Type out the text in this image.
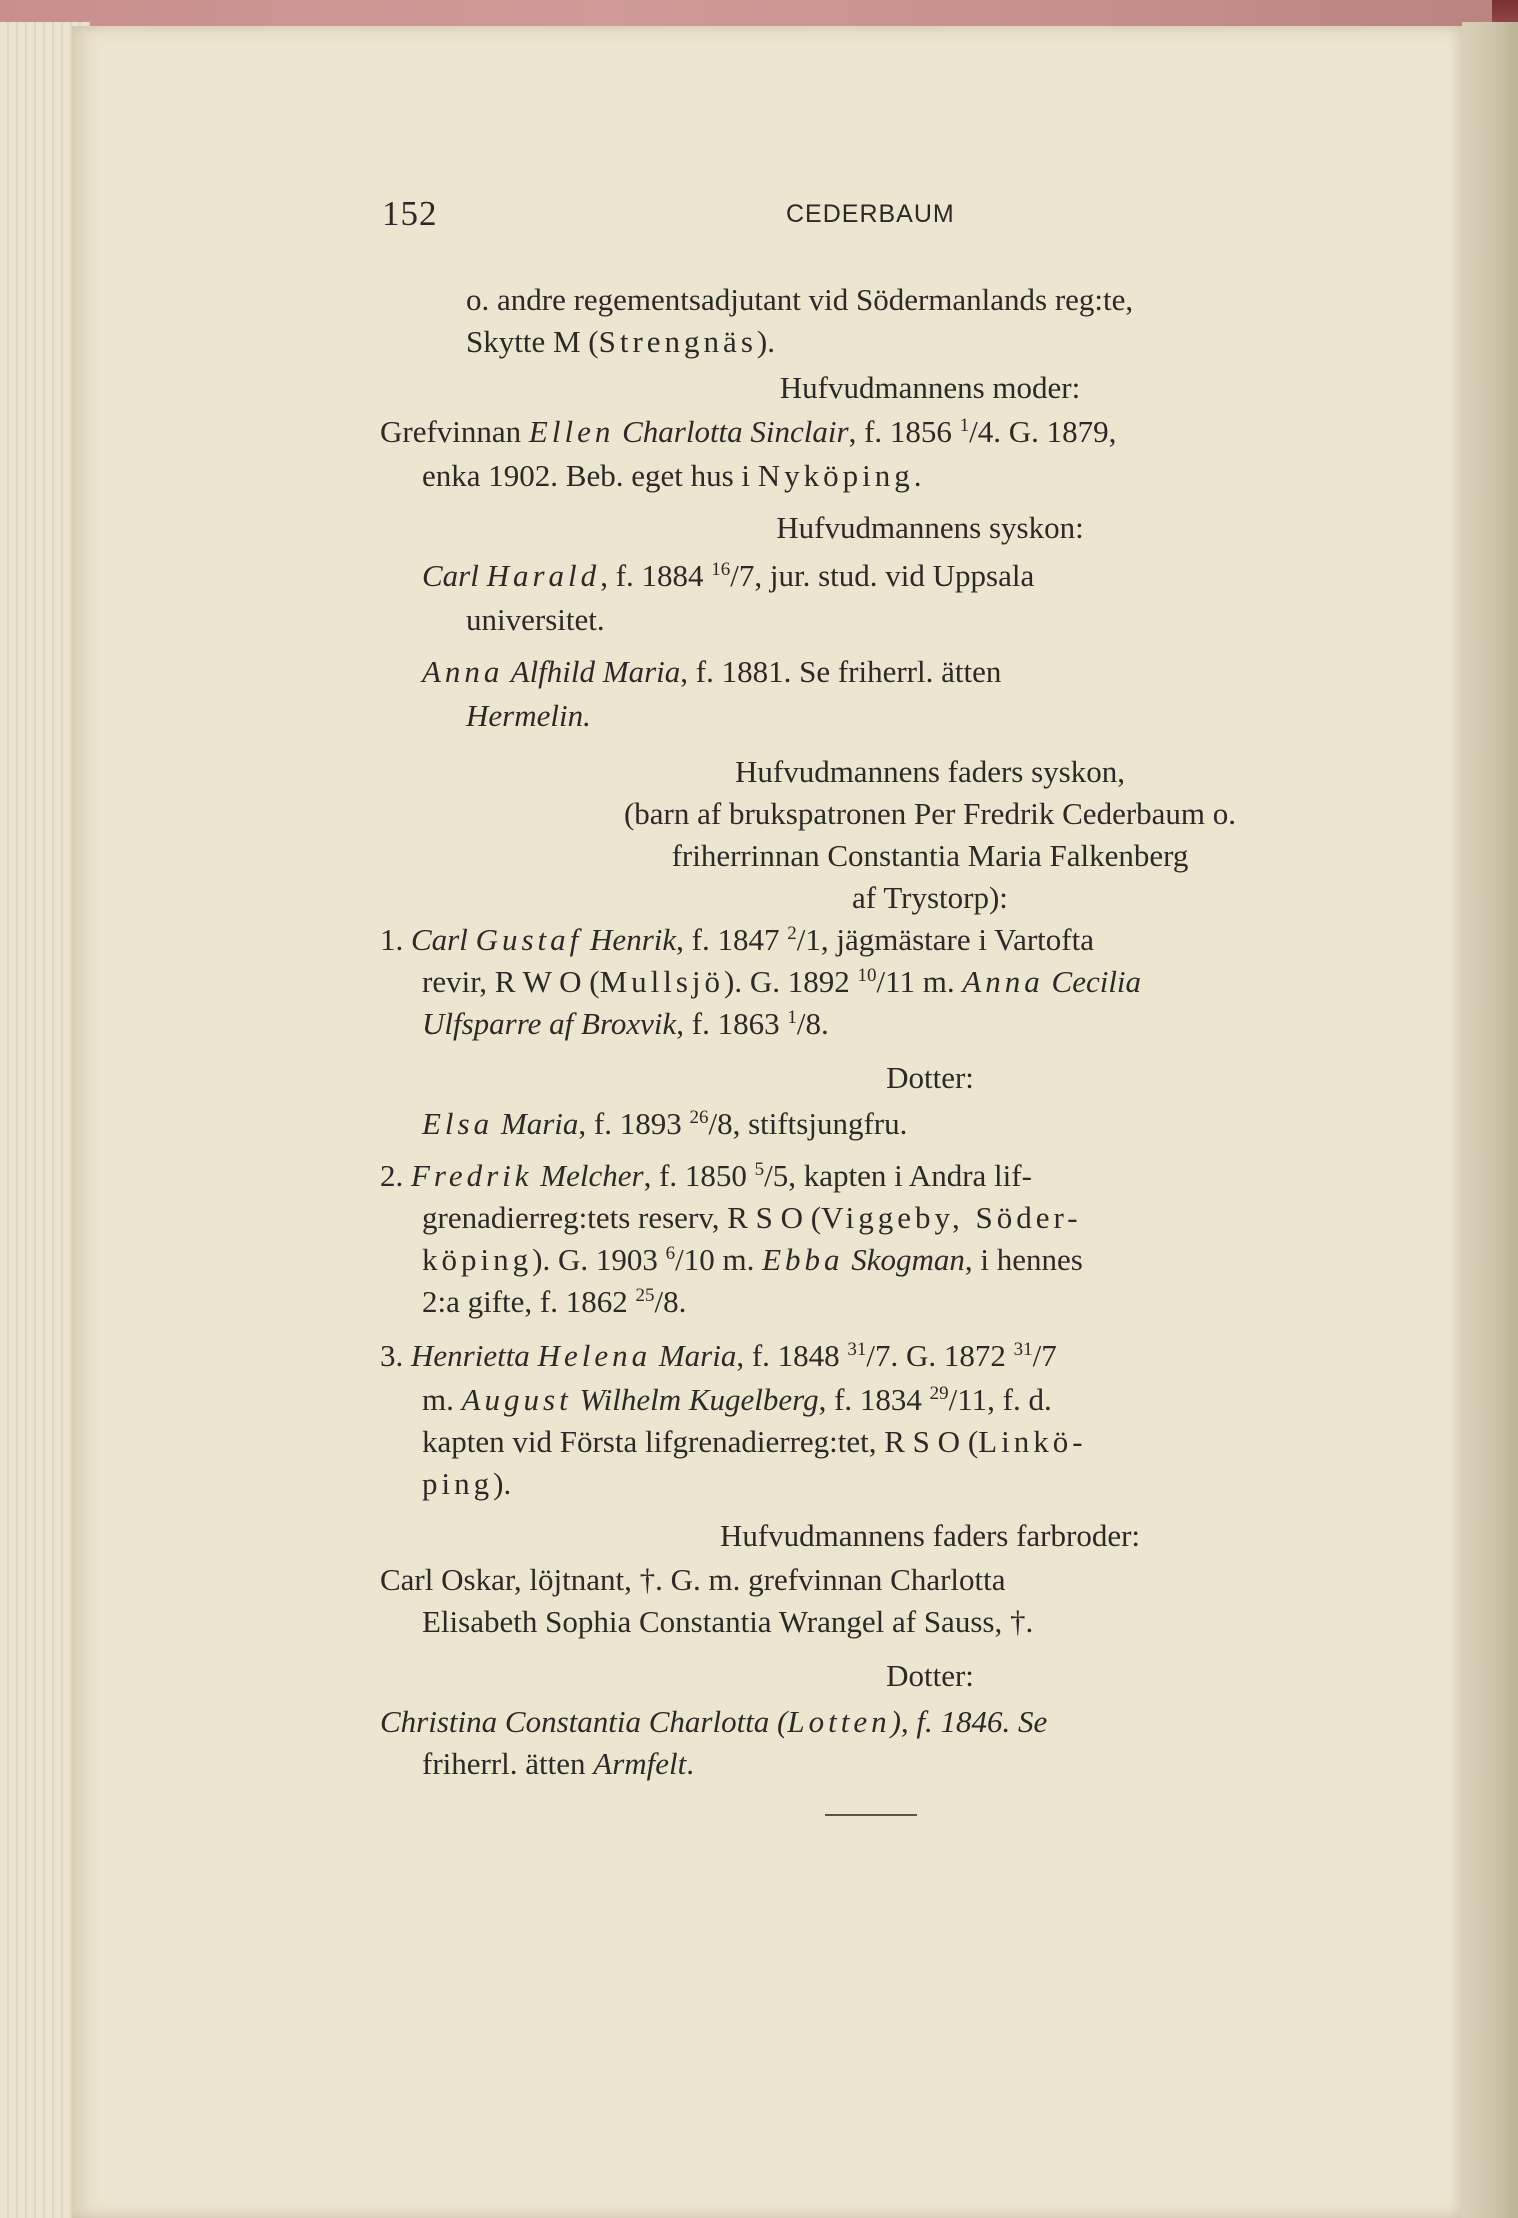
152	CEDERBAUM
o. andre regementsadjutant vid Södermanlands reg:te,
Skytte M (Strengnäs).
Hufvudmannens moder:
Grefvinnan Ellen Charlotta Sinclair, f. 1856 $^1$/4. G. 1879,
enka 1902. Beb. eget hus i Nyköping.
Hufvudmannens syskon:
Carl Harald, f. 1884 $^{16}$/7, jur. stud. vid Uppsala
universitet.
Anna Alfhild Maria, f. 1881. Se friherrl. ätten
Hermelin.
Hufvudmannens faders syskon,
(barn af brukspatronen Per Fredrik Cederbaum o.
friherrinnan Constantia Maria Falkenberg
af Trystorp):
1. Carl Gustaf Henrik, f. 1847 $^2$/1, jägmästare i Vartofta
revir, R W O (Mullsjö). G. 1892 $^{10}$/11 m. Anna Cecilia
Ulfsparre af Broxvik, f. 1863 $^1$/8.
Dotter:
Elsa Maria, f. 1893 $^{26}$/8, stiftsjungfru.
2. Fredrik Melcher, f. 1850 $^5$/5, kapten i Andra lif-
grenadierreg:tets reserv, R S O (Viggeby, Söder-
köping). G. 1903 $^6$/10 m. Ebba Skogman, i hennes
2:a gifte, f. 1862 $^{25}$/8.
3. Henrietta Helena Maria, f. 1848 $^{31}$/7. G. 1872 $^{31}$/7
m. August Wilhelm Kugelberg, f. 1834 $^{29}$/11, f. d.
kapten vid Första lifgrenadierreg:tet, R S O (Linkö-
ping).
Hufvudmannens faders farbroder:
Carl Oskar, löjtnant, †. G. m. grefvinnan Charlotta
Elisabeth Sophia Constantia Wrangel af Sauss, †.
Dotter:
Christina Constantia Charlotta (Lotten), f. 1846. Se
friherrl. ätten Armfelt.
